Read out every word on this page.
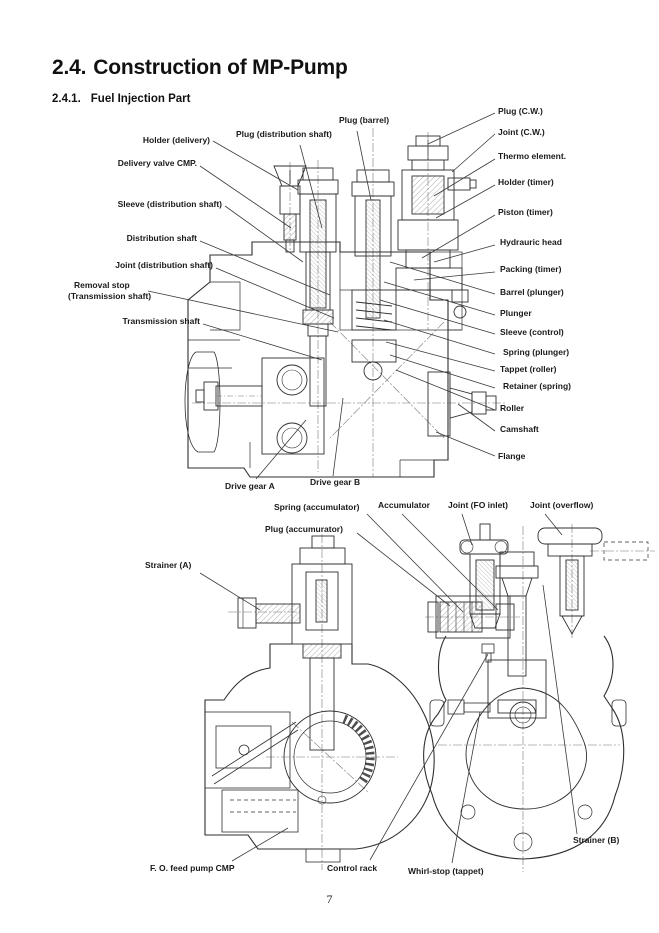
2.4. Construction of MP-Pump
2.4.1. Fuel Injection Part
Holder (delivery)
Delivery valve CMP.
Plug (distribution shaft)
Plug (barrel)
Sleeve (distribution shaft)
Distribution shaft
Joint (distribution shaft)
Removal stop
(Transmission shaft)
Transmission shaft
Plug (C.W.)
Joint (C.W.)
Thermo element.
Holder (timer)
Piston (timer)
Hydrauric head
Packing (timer)
Barrel (plunger)
Plunger
Sleeve (control)
Spring (plunger)
Tappet (roller)
Retainer (spring)
Roller
Camshaft
Flange
Drive gear A	Drive gear B
Spring (accumulator)
Plug (accumurator)
Accumulator Joint (FO inlet)	Joint (overflow)
Strainer (A)
F. O. feed pump CMP	Control rack	Whirl-stop (tappet)
Strainer (B)
7
